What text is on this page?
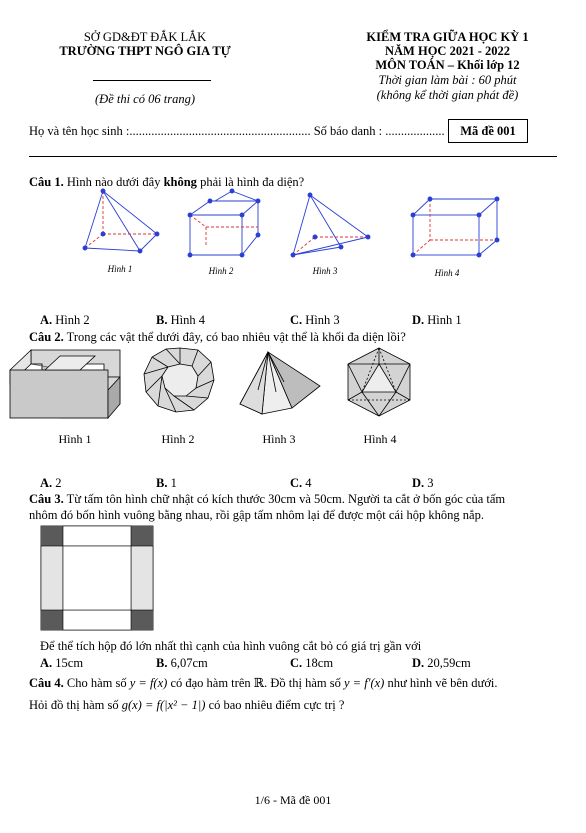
SỞ GD&ĐT ĐẮK LẮK
TRƯỜNG THPT NGÔ GIA TỰ
(Đề thi có 06 trang)
KIỂM TRA GIỮA HỌC KỲ 1
NĂM HỌC 2021 - 2022
MÔN TOÁN – Khối lớp 12
Thời gian làm bài : 60 phút
(không kể thời gian phát đề)
Họ và tên học sinh :.......................................................... Số báo danh : ...................	Mã đề 001
Câu 1. Hình nào dưới đây không phải là hình đa diện?
Hình 1	Hình 2	Hình 3	Hình 4
A. Hình 2	B. Hình 4	C. Hình 3	D. Hình 1
Câu 2. Trong các vật thể dưới đây, có bao nhiêu vật thể là khối đa diện lồi?
Hình 1	Hình 2	Hình 3	Hình 4
A. 2	B. 1	C. 4	D. 3
Câu 3. Từ tấm tôn hình chữ nhật có kích thước 30cm và 50cm. Người ta cắt ở bốn góc của tấm
nhôm đó bốn hình vuông bằng nhau, rồi gập tấm nhôm lại để được một cái hộp không nắp.
Để thể tích hộp đó lớn nhất thì cạnh của hình vuông cắt bỏ có giá trị gần với
A. 15cm	B. 6,07cm	C. 18cm	D. 20,59cm
Câu 4. Cho hàm số y = f(x) có đạo hàm trên ℝ. Đồ thị hàm số y = f′(x) như hình vẽ bên dưới.
Hỏi đồ thị hàm số g(x) = f(|x² − 1|) có bao nhiêu điểm cực trị ?
1/6 - Mã đề 001
